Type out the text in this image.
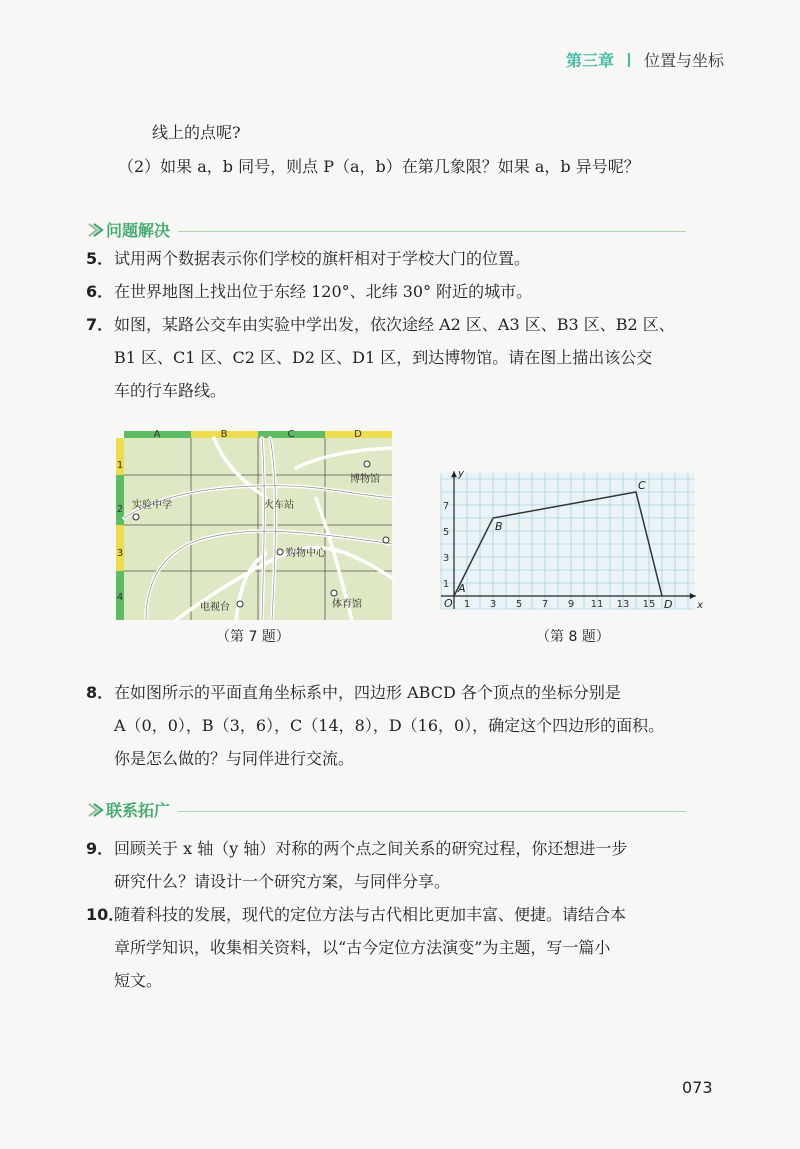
第三章 位置与坐标
线上的点呢?
（2）如果 a，b 同号，则点 P（a，b）在第几象限？如果 a，b 异号呢？
问题解决
5．试用两个数据表示你们学校的旗杆相对于学校大门的位置。
6．在世界地图上找出位于东经 120°、北纬 30° 附近的城市。
7．如图，某路公交车由实验中学出发，依次途经 A2 区、A3 区、B3 区、B2 区、
B1 区、C1 区、C2 区、D2 区、D1 区，到达博物馆。请在图上描出该公交
车的行车路线。
A	B	C	D
1
2
3
4
博物馆
实验中学	火车站
购物中心
电视台	体育馆
（第 7 题）
x
y
O 1 3 5 7 9 11 13 15
1
3
5
7
A
B
C
D
（第 8 题）
8．在如图所示的平面直角坐标系中，四边形 ABCD 各个顶点的坐标分别是
A（0，0），B（3，6），C（14，8），D（16，0），确定这个四边形的面积。
你是怎么做的？与同伴进行交流。
联系拓广
9．回顾关于 x 轴（y 轴）对称的两个点之间关系的研究过程，你还想进一步
研究什么？请设计一个研究方案，与同伴分享。
10．随着科技的发展，现代的定位方法与古代相比更加丰富、便捷。请结合本
章所学知识，收集相关资料，以“古今定位方法演变”为主题，写一篇小
短文。
073
